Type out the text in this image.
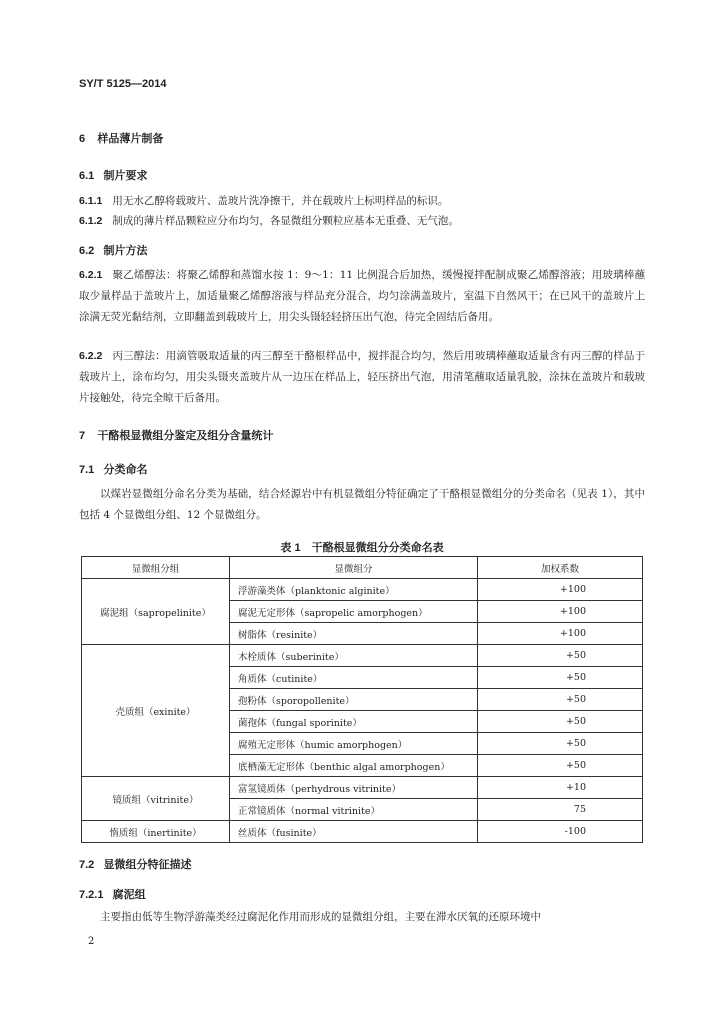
SY/T 5125—2014
6 样品薄片制备
6.1 制片要求
6.1.1 用无水乙醇将载玻片、盖玻片洗净擦干，并在载玻片上标明样品的标识。
6.1.2 制成的薄片样品颗粒应分布均匀，各显微组分颗粒应基本无重叠、无气泡。
6.2 制片方法
6.2.1 聚乙烯醇法：将聚乙烯醇和蒸馏水按 1：9～1：11 比例混合后加热，缓慢搅拌配制成聚乙烯醇溶液；用玻璃棒蘸取少量样品于盖玻片上，加适量聚乙烯醇溶液与样品充分混合，均匀涂满盖玻片，室温下自然风干；在已风干的盖玻片上涂满无荧光黏结剂，立即翻盖到载玻片上，用尖头镊轻轻挤压出气泡，待完全固结后备用。
6.2.2 丙三醇法：用滴管吸取适量的丙三醇至干酪根样品中，搅拌混合均匀，然后用玻璃棒蘸取适量含有丙三醇的样品于载玻片上，涂布均匀，用尖头镊夹盖玻片从一边压在样品上，轻压挤出气泡，用清笔蘸取适量乳胶，涂抹在盖玻片和载玻片接触处，待完全晾干后备用。
7 干酪根显微组分鉴定及组分含量统计
7.1 分类命名
以煤岩显微组分命名分类为基础，结合烃源岩中有机显微组分特征确定了干酪根显微组分的分类命名（见表 1），其中包括 4 个显微组分组、12 个显微组分。
表 1　干酪根显微组分分类命名表
显微组分组	显微组分	加权系数
腐泥组（sapropelinite）	浮游藻类体（planktonic alginite）	+100
	腐泥无定形体（sapropelic amorphogen）	+100
	树脂体（resinite）	+100
壳质组（exinite）	木栓质体（suberinite）	+50
	角质体（cutinite）	+50
	孢粉体（sporopollenite）	+50
	菌孢体（fungal sporinite）	+50
	腐殖无定形体（humic amorphogen）	+50
	底栖藻无定形体（benthic algal amorphogen）	+50
镜质组（vitrinite）	富氢镜质体（perhydrous vitrinite）	+10
	正常镜质体（normal vitrinite）	75
惰质组（inertinite）	丝质体（fusinite）	-100
7.2 显微组分特征描述
7.2.1 腐泥组
主要指由低等生物浮游藻类经过腐泥化作用而形成的显微组分组，主要在滞水厌氧的还原环境中
2
